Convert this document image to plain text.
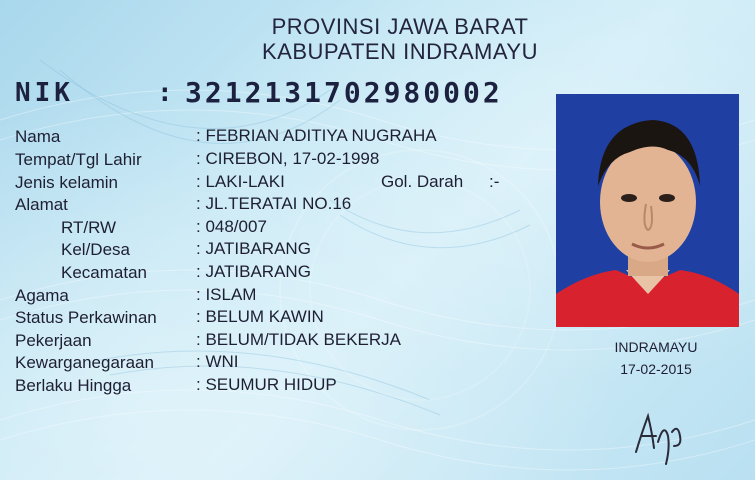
PROVINSI JAWA BARAT
KABUPATEN INDRAMAYU
NIK	: 3212131702980002
Nama	: FEBRIAN ADITIYA NUGRAHA
Tempat/Tgl Lahir	: CIREBON, 17-02-1998
Jenis kelamin	: LAKI-LAKI	Gol. Darah :-
Alamat	: JL.TERATAI NO.16
RT/RW	: 048/007
Kel/Desa	: JATIBARANG
Kecamatan	: JATIBARANG
Agama	: ISLAM
Status Perkawinan : BELUM KAWIN
Pekerjaan	: BELUM/TIDAK BEKERJA
Kewarganegaraan : WNI
Berlaku Hingga	: SEUMUR HIDUP
INDRAMAYU
17-02-2015
